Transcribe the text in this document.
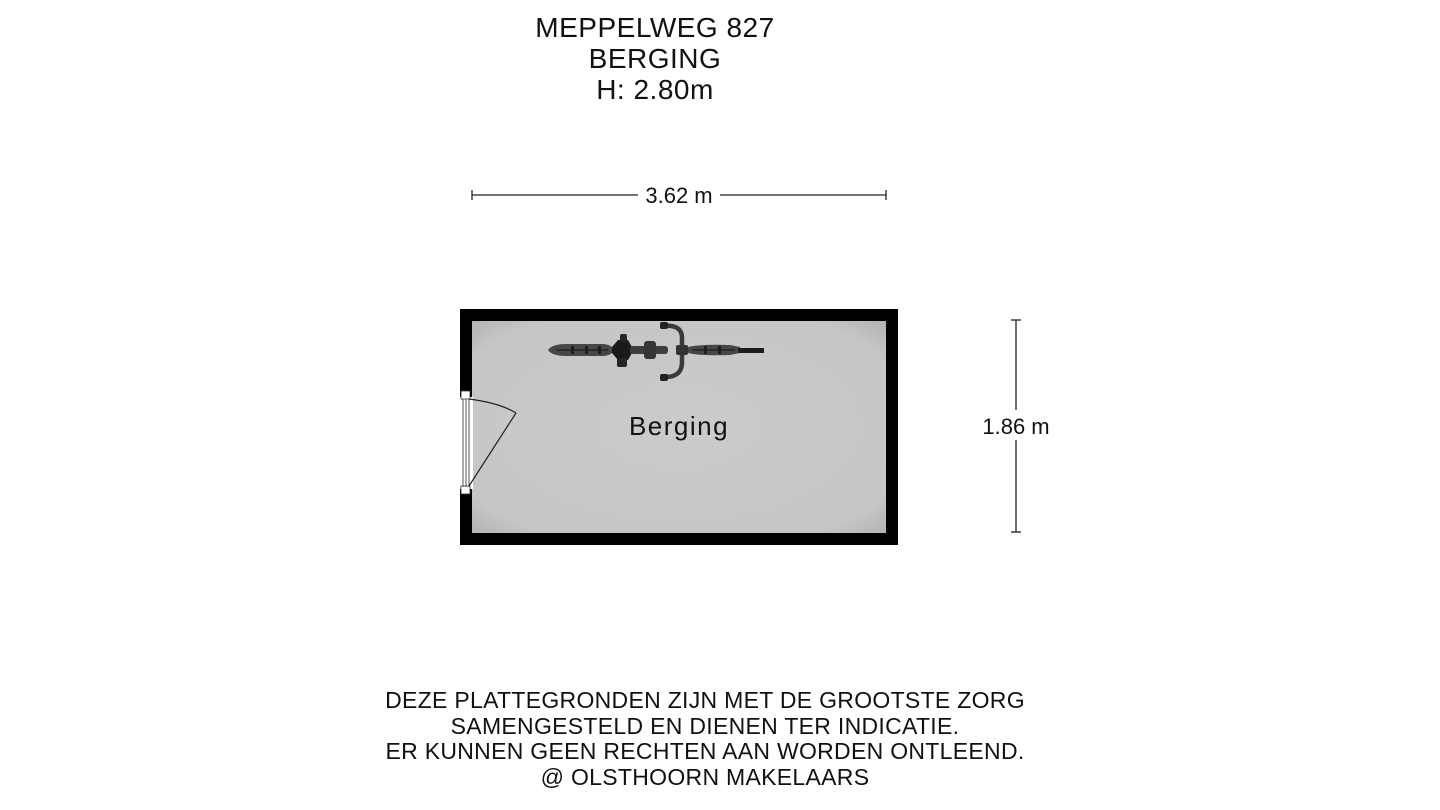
MEPPELWEG 827
BERGING
H: 2.80m
3.62 m
1.86 m
Berging
DEZE PLATTEGRONDEN ZIJN MET DE GROOTSTE ZORG
SAMENGESTELD EN DIENEN TER INDICATIE.
ER KUNNEN GEEN RECHTEN AAN WORDEN ONTLEEND.
@ OLSTHOORN MAKELAARS
